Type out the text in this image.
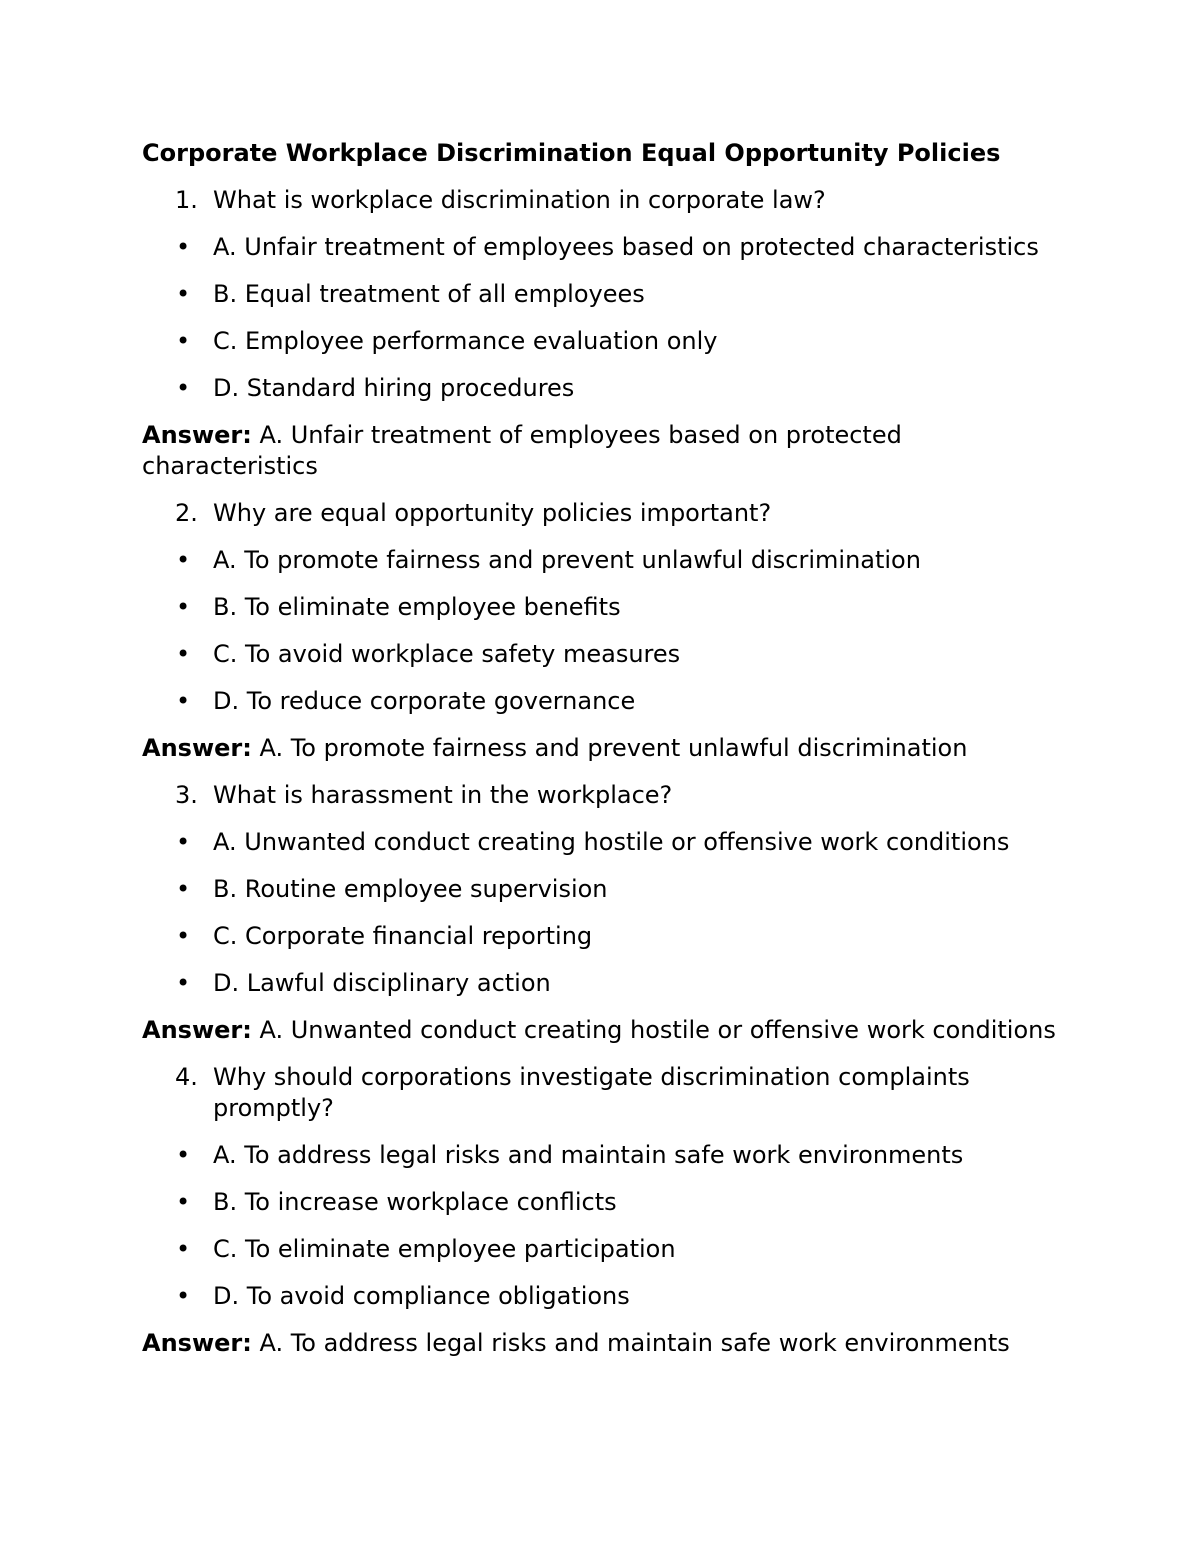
Corporate Workplace Discrimination Equal Opportunity Policies
1. What is workplace discrimination in corporate law?
• A. Unfair treatment of employees based on protected characteristics
• B. Equal treatment of all employees
• C. Employee performance evaluation only
• D. Standard hiring procedures
Answer: A. Unfair treatment of employees based on protected characteristics
2. Why are equal opportunity policies important?
• A. To promote fairness and prevent unlawful discrimination
• B. To eliminate employee benefits
• C. To avoid workplace safety measures
• D. To reduce corporate governance
Answer: A. To promote fairness and prevent unlawful discrimination
3. What is harassment in the workplace?
• A. Unwanted conduct creating hostile or offensive work conditions
• B. Routine employee supervision
• C. Corporate financial reporting
• D. Lawful disciplinary action
Answer: A. Unwanted conduct creating hostile or offensive work conditions
4. Why should corporations investigate discrimination complaints promptly?
• A. To address legal risks and maintain safe work environments
• B. To increase workplace conflicts
• C. To eliminate employee participation
• D. To avoid compliance obligations
Answer: A. To address legal risks and maintain safe work environments
